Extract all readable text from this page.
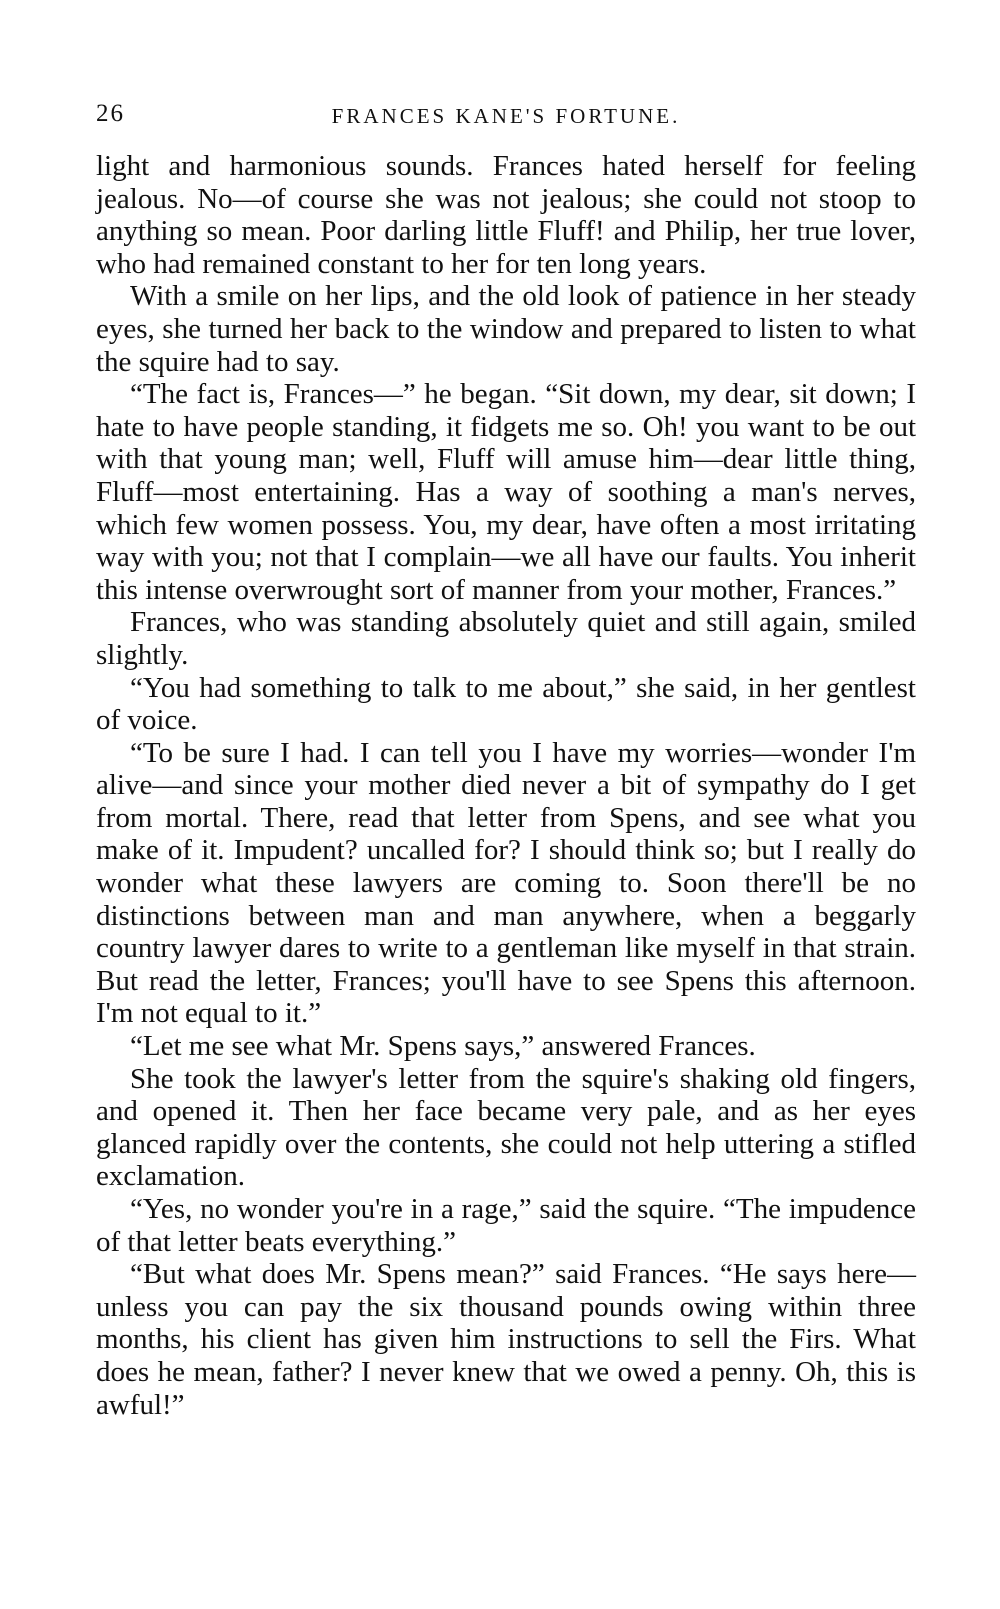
26	FRANCES KANE'S FORTUNE.

light and harmonious sounds. Frances hated herself for feeling jealous. No—of course she was not jealous; she could not stoop to anything so mean. Poor darling little Fluff! and Philip, her true lover, who had remained constant to her for ten long years.

With a smile on her lips, and the old look of patience in her steady eyes, she turned her back to the window and prepared to listen to what the squire had to say.

“The fact is, Frances—” he began. “Sit down, my dear, sit down; I hate to have people standing, it fidgets me so. Oh! you want to be out with that young man; well, Fluff will amuse him—dear little thing, Fluff—most entertaining. Has a way of soothing a man's nerves, which few women possess. You, my dear, have often a most irritating way with you; not that I complain—we all have our faults. You inherit this intense overwrought sort of manner from your mother, Frances.”

Frances, who was standing absolutely quiet and still again, smiled slightly.

“You had something to talk to me about,” she said, in her gentlest of voice.

“To be sure I had. I can tell you I have my worries—wonder I'm alive—and since your mother died never a bit of sympathy do I get from mortal. There, read that letter from Spens, and see what you make of it. Impudent? uncalled for? I should think so; but I really do wonder what these lawyers are coming to. Soon there'll be no distinctions between man and man anywhere, when a beggarly country lawyer dares to write to a gentleman like myself in that strain. But read the letter, Frances; you'll have to see Spens this afternoon. I'm not equal to it.”

“Let me see what Mr. Spens says,” answered Frances.

She took the lawyer's letter from the squire's shaking old fingers, and opened it. Then her face became very pale, and as her eyes glanced rapidly over the contents, she could not help uttering a stifled exclamation.

“Yes, no wonder you're in a rage,” said the squire. “The impudence of that letter beats everything.”

“But what does Mr. Spens mean?” said Frances. “He says here—unless you can pay the six thousand pounds owing within three months, his client has given him instructions to sell the Firs. What does he mean, father? I never knew that we owed a penny. Oh, this is awful!”
